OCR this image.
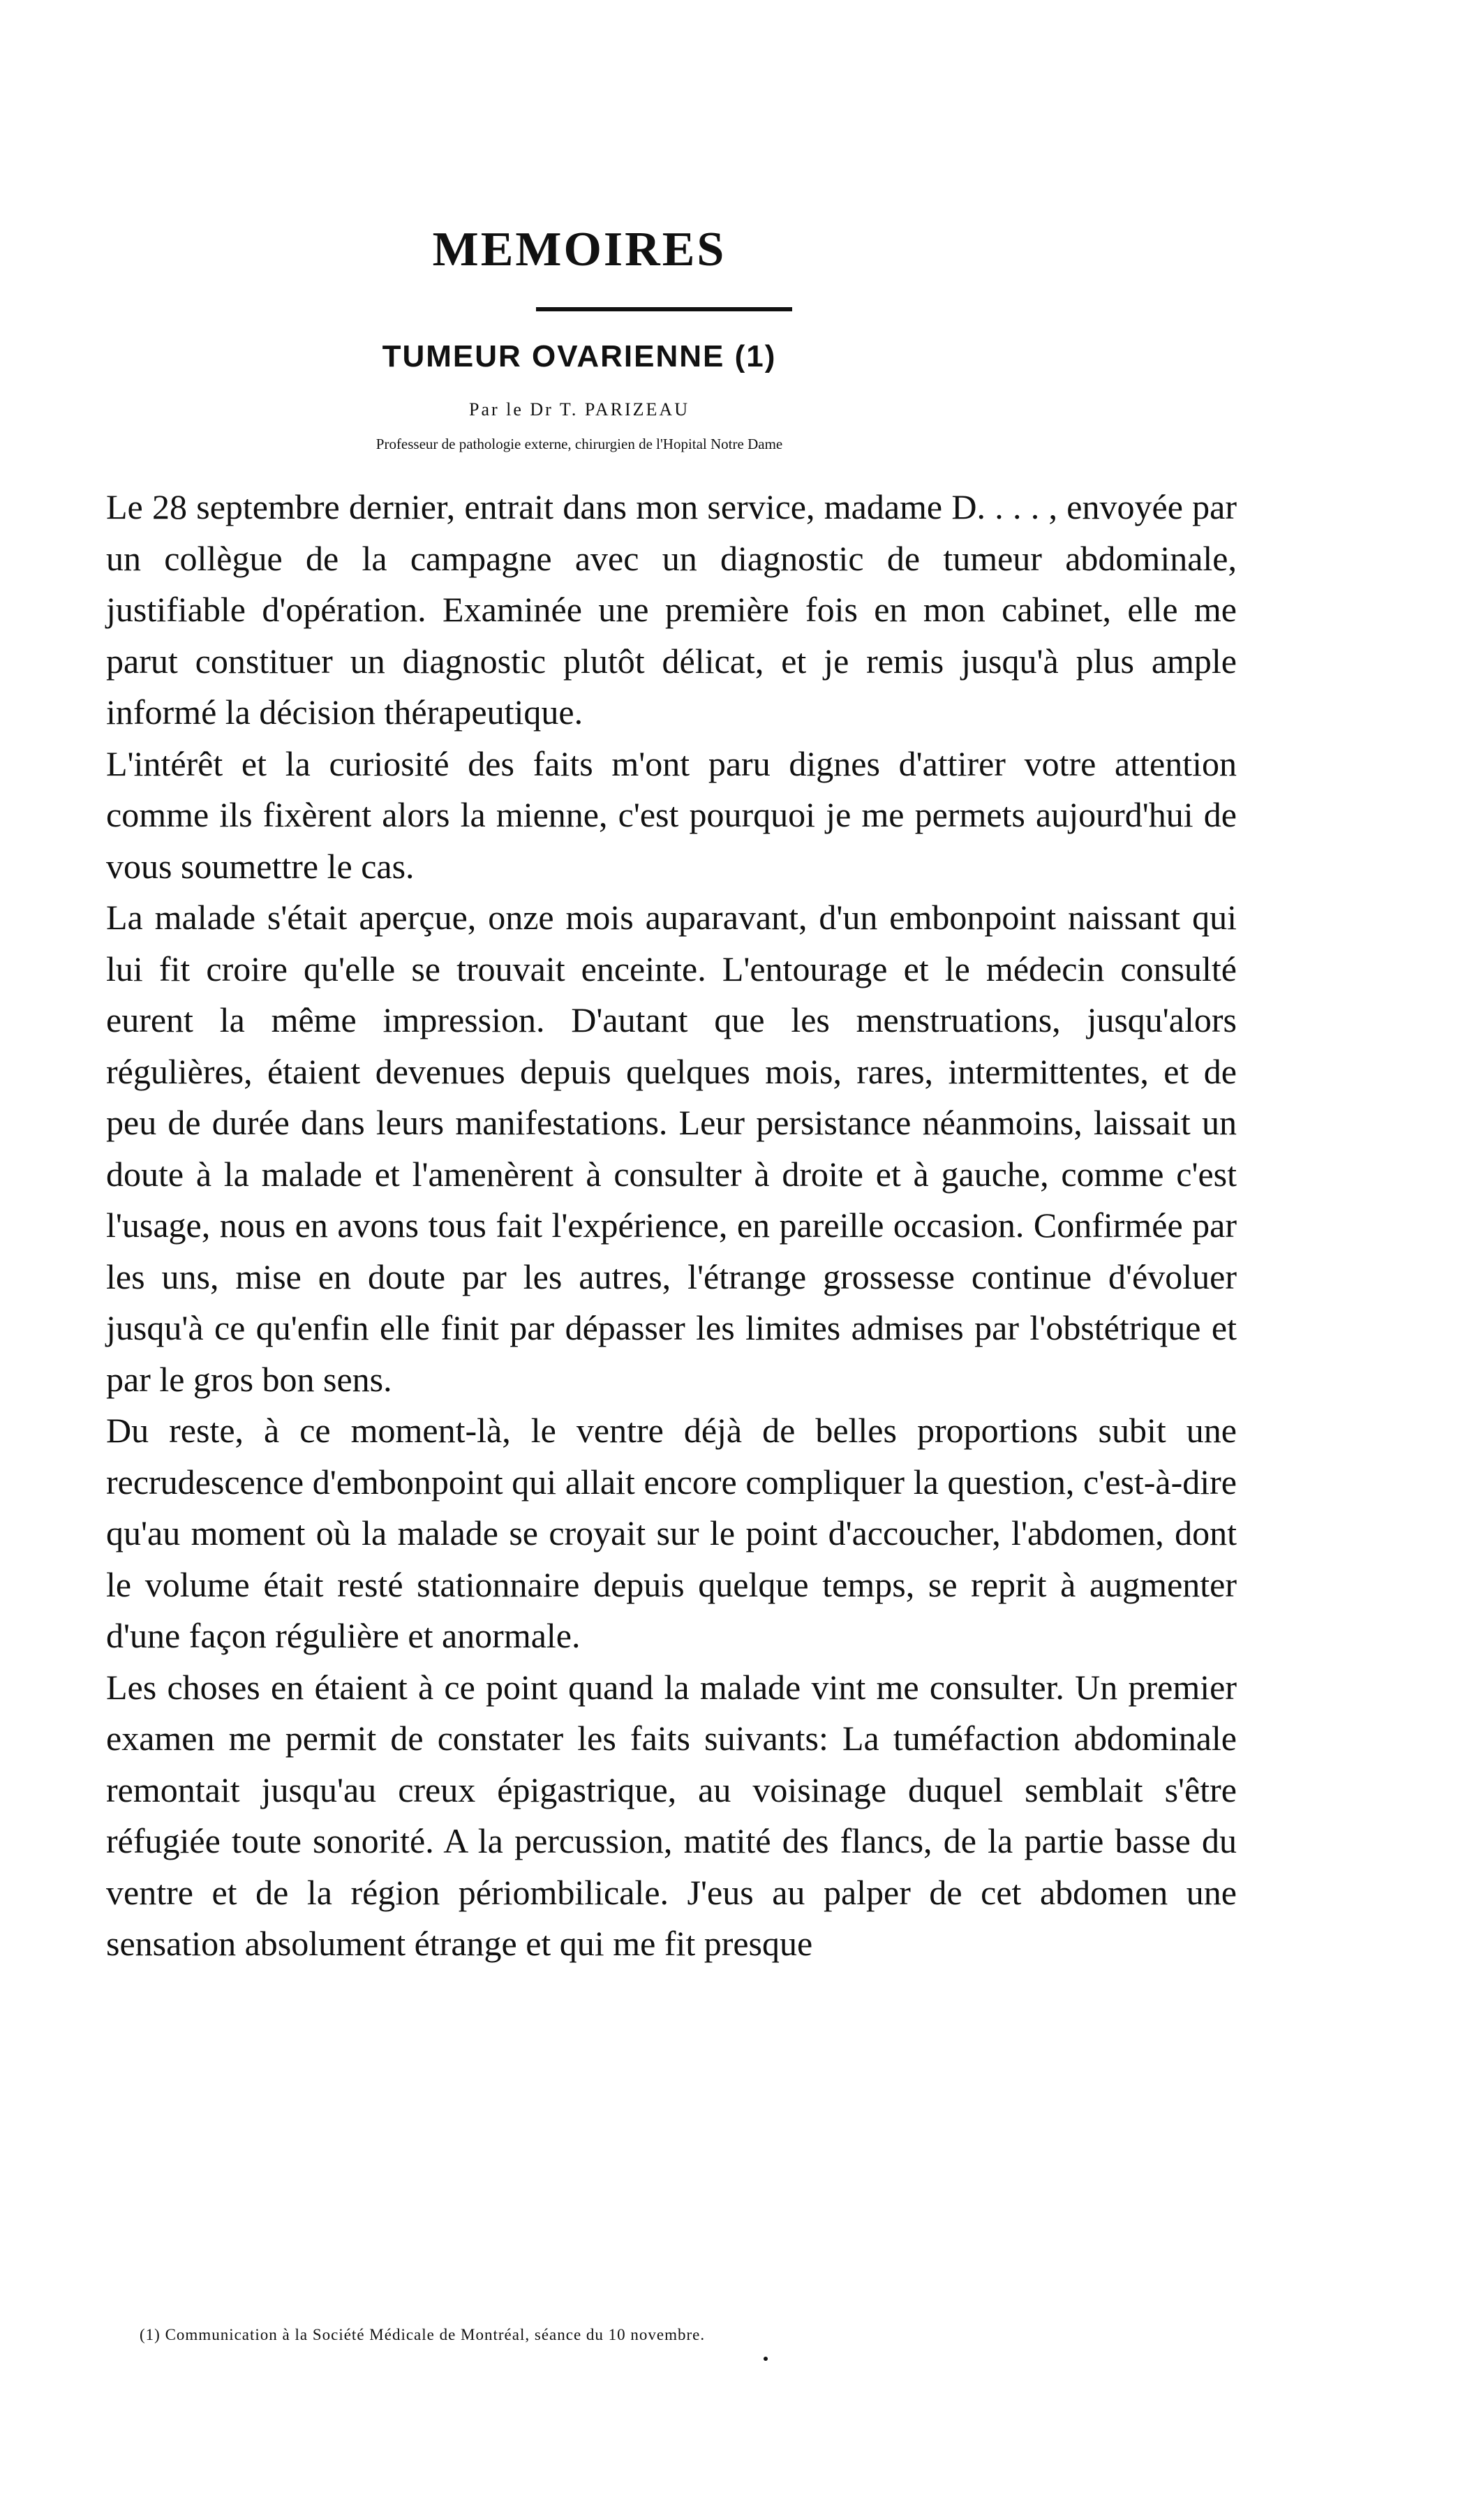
MEMOIRES
TUMEUR OVARIENNE (1)

Par le Dr T. PARIZEAU

Professeur de pathologie externe, chirurgien de l'Hopital Notre Dame

Le 28 septembre dernier, entrait dans mon service, madame D. . . . , envoyée par un collègue de la campagne avec un diagnostic de tumeur abdominale, justifiable d'opération. Examinée une première fois en mon cabinet, elle me parut constituer un diagnostic plutôt délicat, et je remis jusqu'à plus ample informé la décision thérapeutique.

L'intérêt et la curiosité des faits m'ont paru dignes d'attirer votre attention comme ils fixèrent alors la mienne, c'est pourquoi je me permets aujourd'hui de vous soumettre le cas.

La malade s'était aperçue, onze mois auparavant, d'un embonpoint naissant qui lui fit croire qu'elle se trouvait enceinte. L'entourage et le médecin consulté eurent la même impression. D'autant que les menstruations, jusqu'alors régulières, étaient devenues depuis quelques mois, rares, intermittentes, et de peu de durée dans leurs manifestations. Leur persistance néanmoins, laissait un doute à la malade et l'amenèrent à consulter à droite et à gauche, comme c'est l'usage, nous en avons tous fait l'expérience, en pareille occasion. Confirmée par les uns, mise en doute par les autres, l'étrange grossesse continue d'évoluer jusqu'à ce qu'enfin elle finit par dépasser les limites admises par l'obstétrique et par le gros bon sens.

Du reste, à ce moment-là, le ventre déjà de belles proportions subit une recrudescence d'embonpoint qui allait encore compliquer la question, c'est-à-dire qu'au moment où la malade se croyait sur le point d'accoucher, l'abdomen, dont le volume était resté stationnaire depuis quelque temps, se reprit à augmenter d'une façon régulière et anormale.

Les choses en étaient à ce point quand la malade vint me consulter. Un premier examen me permit de constater les faits suivants: La tuméfaction abdominale remontait jusqu'au creux épigastrique, au voisinage duquel semblait s'être réfugiée toute sonorité. A la percussion, matité des flancs, de la partie basse du ventre et de la région périombilicale. J'eus au palper de cet abdomen une sensation absolument étrange et qui me fit presque

(1) Communication à la Société Médicale de Montréal, séance du 10 novembre.
